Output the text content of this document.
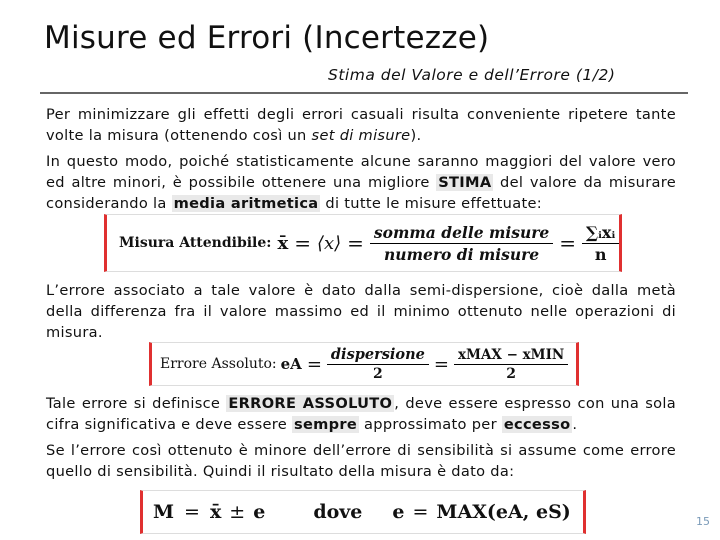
Misure ed Errori (Incertezze)
Stima del Valore e dell’Errore (1/2)
Per minimizzare gli effetti degli errori casuali risulta conveniente ripetere tante volte la misura (ottenendo così un set di misure).
In questo modo, poiché statisticamente alcune saranno maggiori del valore vero ed altre minori, è possibile ottenere una migliore STIMA del valore da misurare considerando la media aritmetica di tutte le misure effettuate:
Misura Attendibile: x̄ = ⟨x⟩ = $\frac{\text{somma delle misure}}{\text{numero di misure}} = \frac{\text{∑ᵢxᵢ}}{n}$
L’errore associato a tale valore è dato dalla semi-dispersione, cioè dalla metà della differenza fra il valore massimo ed il minimo ottenuto nelle operazioni di misura.
Errore Assoluto: eA = $\frac{\text{dispersione}}{2} = \frac{\text{xMAX − xMIN}}{2}$
Tale errore si definisce ERRORE ASSOLUTO , deve essere espresso con una sola cifra significativa e deve essere sempre approssimato per eccesso .
Se l’errore così ottenuto è minore dell’errore di sensibilità si assume come errore quello di sensibilità. Quindi il risultato della misura è dato da:
M = x̄ ± e	dove e = MAX(eA, eS)	15
